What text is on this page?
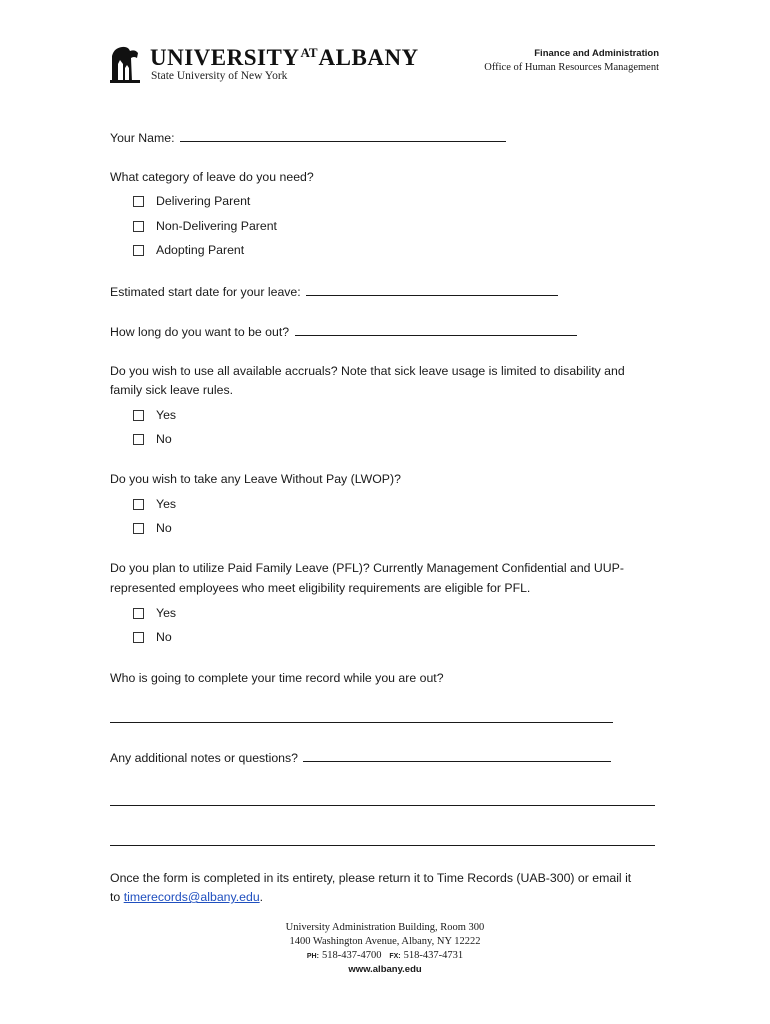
$UNIVERSITY^{AT}ALBANY$
State University of New York
Finance and Administration
Office of Human Resources Management
Your Name:
What category of leave do you need?
Delivering Parent
Non-Delivering Parent
Adopting Parent
Estimated start date for your leave:
How long do you want to be out?
Do you wish to use all available accruals? Note that sick leave usage is limited to disability and
family sick leave rules.
Yes
No
Do you wish to take any Leave Without Pay (LWOP)?
Yes
No
Do you plan to utilize Paid Family Leave (PFL)? Currently Management Confidential and UUP-
represented employees who meet eligibility requirements are eligible for PFL.
Yes
No
Who is going to complete your time record while you are out?
Any additional notes or questions?
Once the form is completed in its entirety, please return it to Time Records (UAB-300) or email it
to timerecords@albany.edu.
University Administration Building, Room 300
1400 Washington Avenue, Albany, NY 12222
PH: 518-437-4700 FX: 518-437-4731
www.albany.edu
